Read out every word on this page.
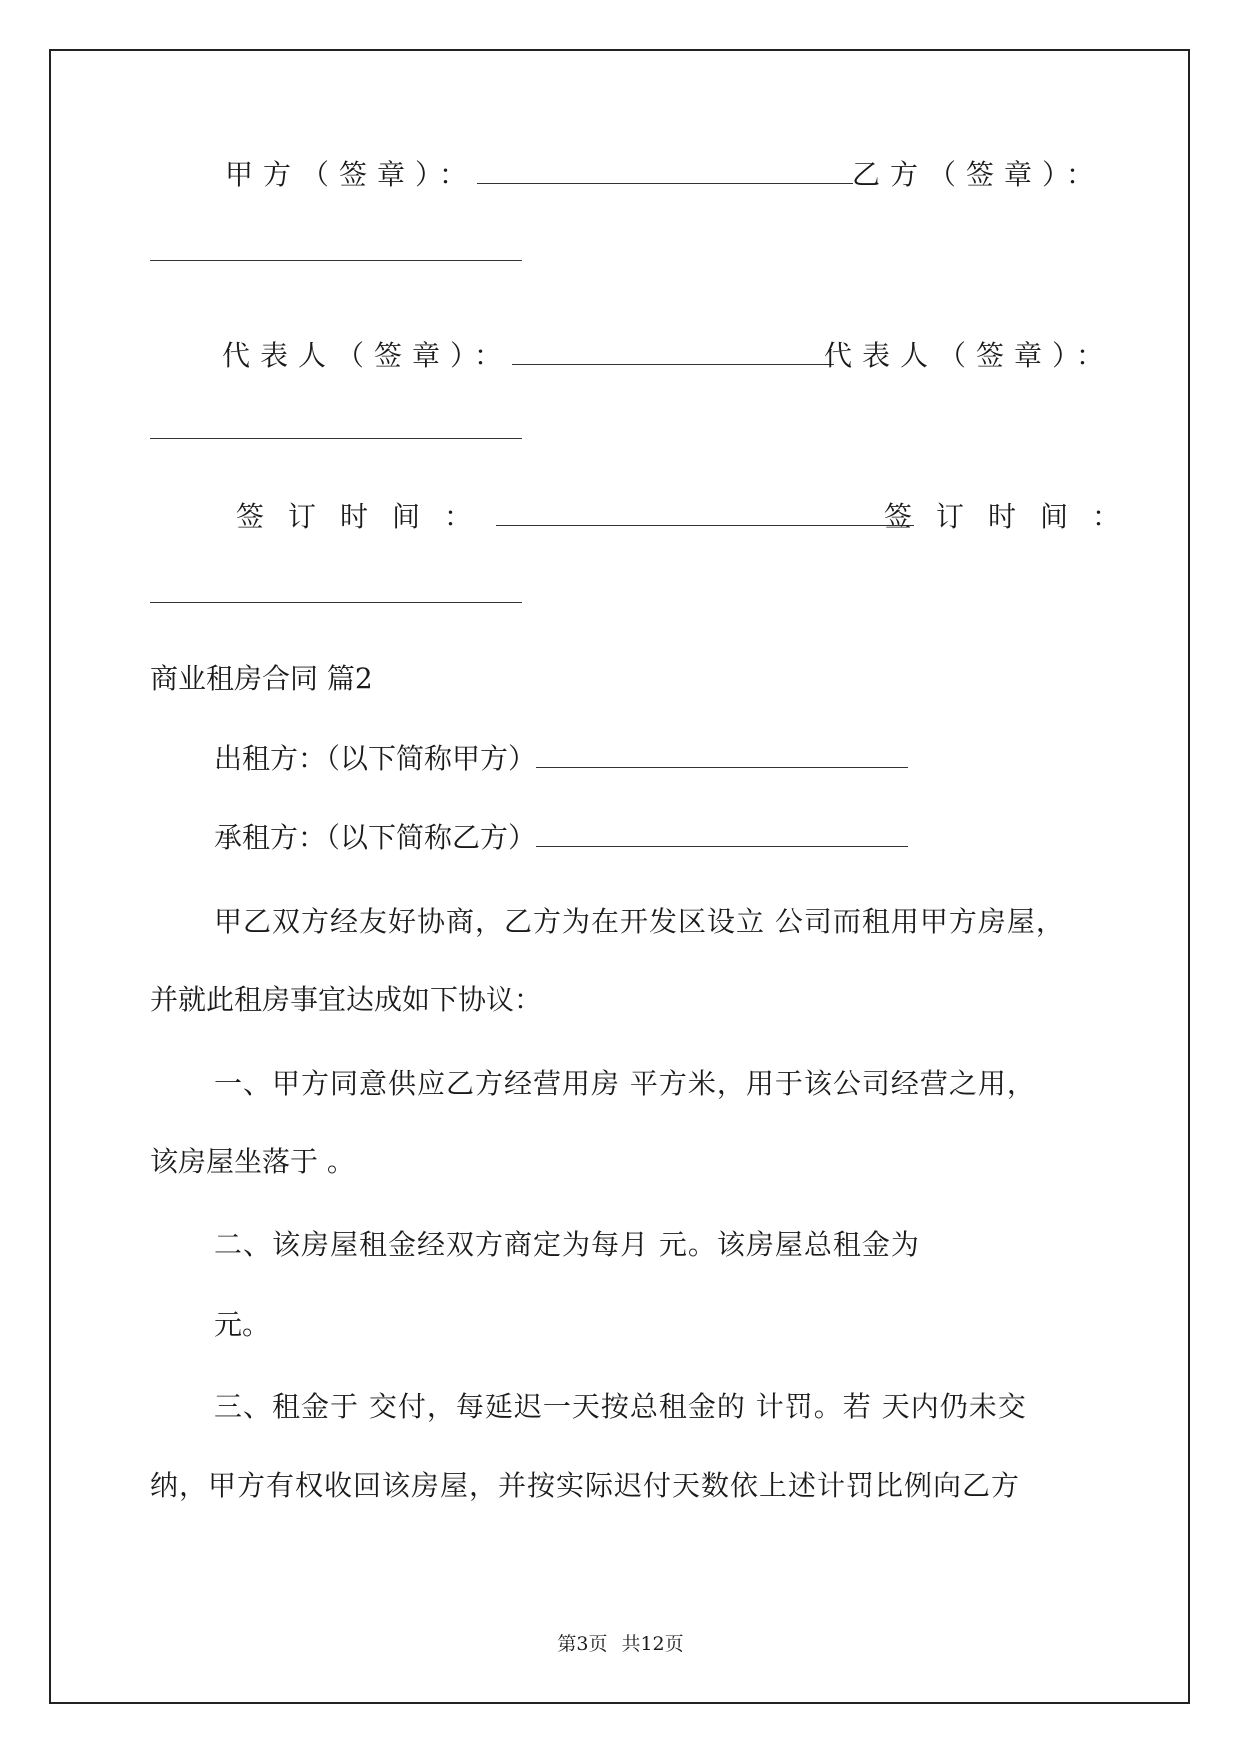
甲方（签章）：	乙方（签章）：
代表人（签章）：	代表人（签章）：
签订时间：	签订时间：
商业租房合同 篇2
出租方：（以下简称甲方）
承租方：（以下简称乙方）
甲乙双方经友好协商，乙方为在开发区设立 公司而租用甲方房屋，
并就此租房事宜达成如下协议：
一、甲方同意供应乙方经营用房 平方米，用于该公司经营之用，
该房屋坐落于 。
二、该房屋租金经双方商定为每月 元。该房屋总租金为
元。
三、租金于 交付，每延迟一天按总租金的 计罚。若 天内仍未交
纳，甲方有权收回该房屋，并按实际迟付天数依上述计罚比例向乙方
第3页 共12页
